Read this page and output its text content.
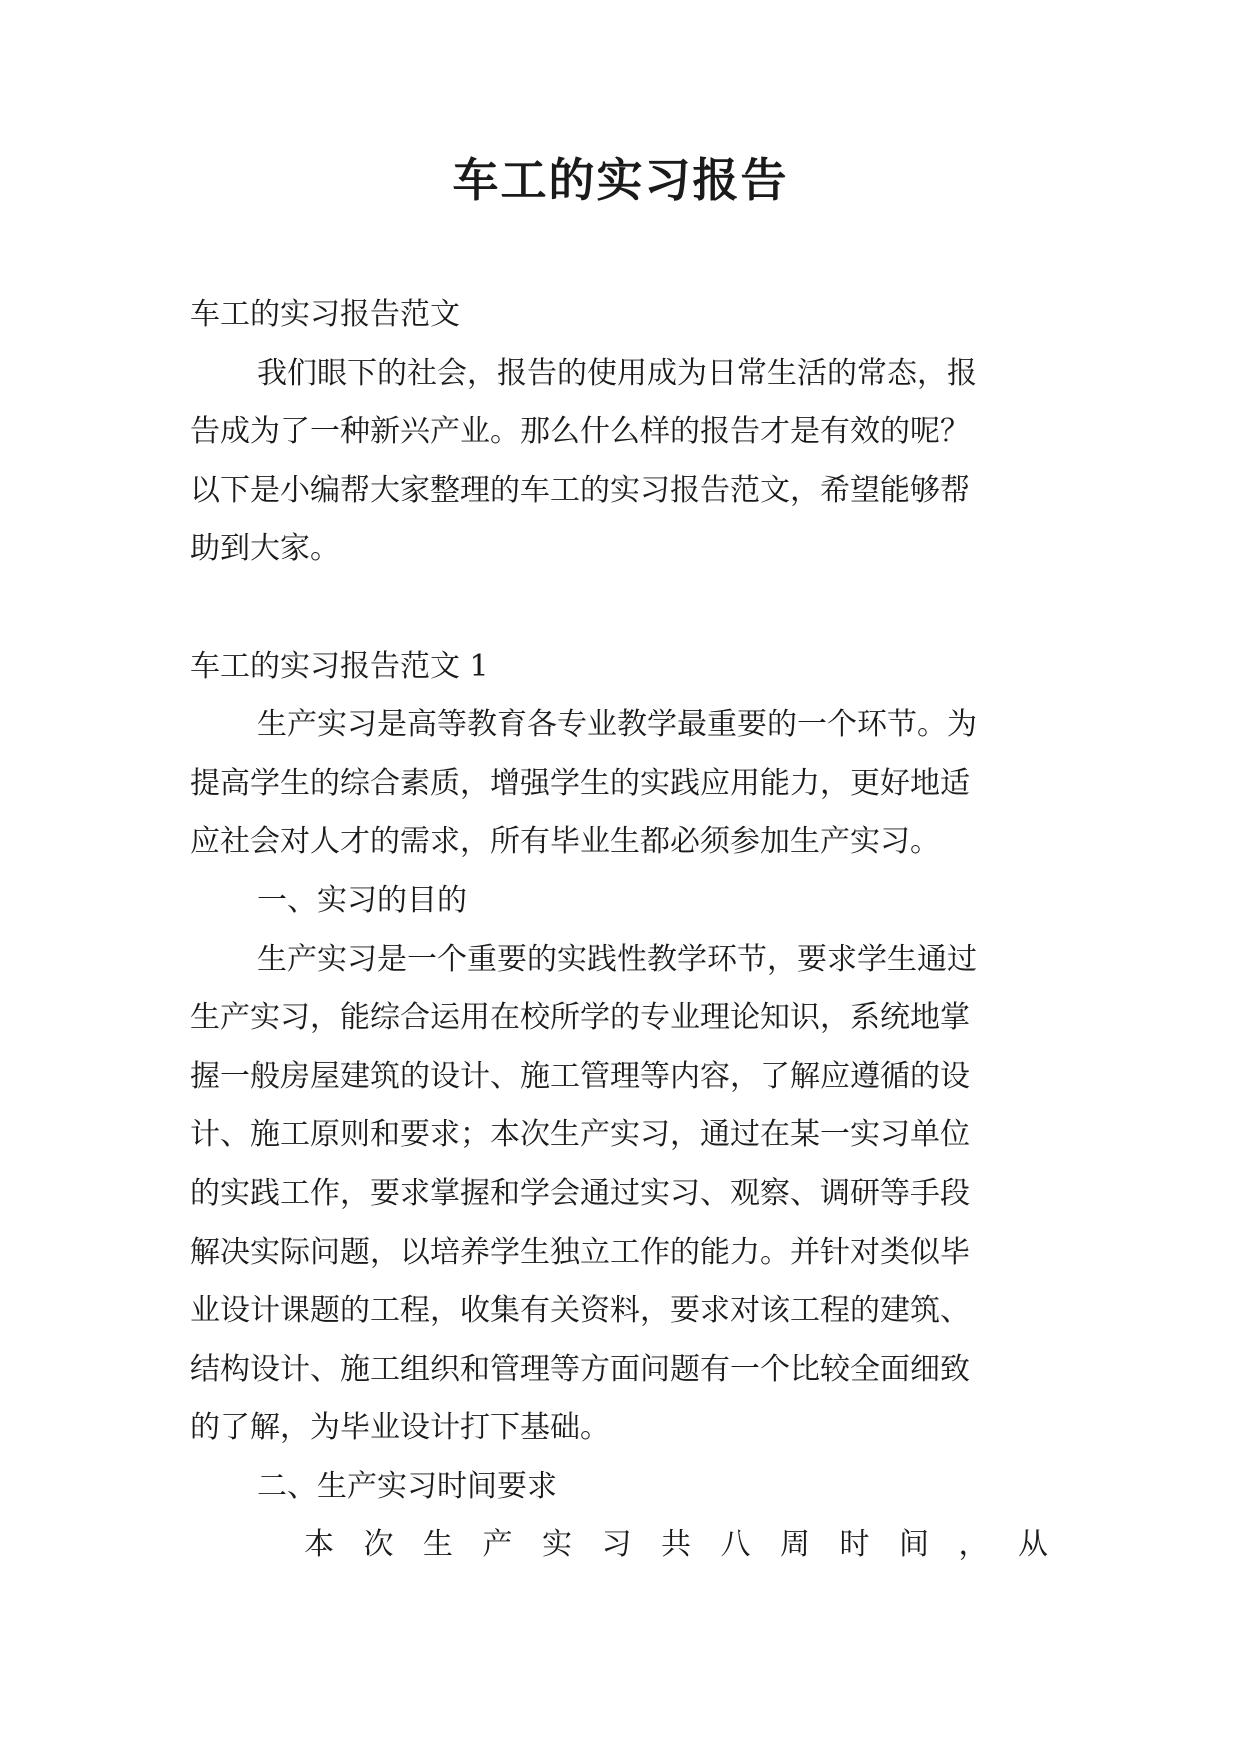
车工的实习报告
车工的实习报告范文
我们眼下的社会，报告的使用成为日常生活的常态，报
告成为了一种新兴产业。那么什么样的报告才是有效的呢？
以下是小编帮大家整理的车工的实习报告范文，希望能够帮
助到大家。
车工的实习报告范文 1
生产实习是高等教育各专业教学最重要的一个环节。为
提高学生的综合素质，增强学生的实践应用能力，更好地适
应社会对人才的需求，所有毕业生都必须参加生产实习。
一、实习的目的
生产实习是一个重要的实践性教学环节，要求学生通过
生产实习，能综合运用在校所学的专业理论知识，系统地掌
握一般房屋建筑的设计、施工管理等内容，了解应遵循的设
计、施工原则和要求；本次生产实习，通过在某一实习单位
的实践工作，要求掌握和学会通过实习、观察、调研等手段
解决实际问题，以培养学生独立工作的能力。并针对类似毕
业设计课题的工程，收集有关资料，要求对该工程的建筑、
结构设计、施工组织和管理等方面问题有一个比较全面细致
的了解，为毕业设计打下基础。
二、生产实习时间要求
本 次 生 产 实 习 共 八 周 时 间 ， 从
